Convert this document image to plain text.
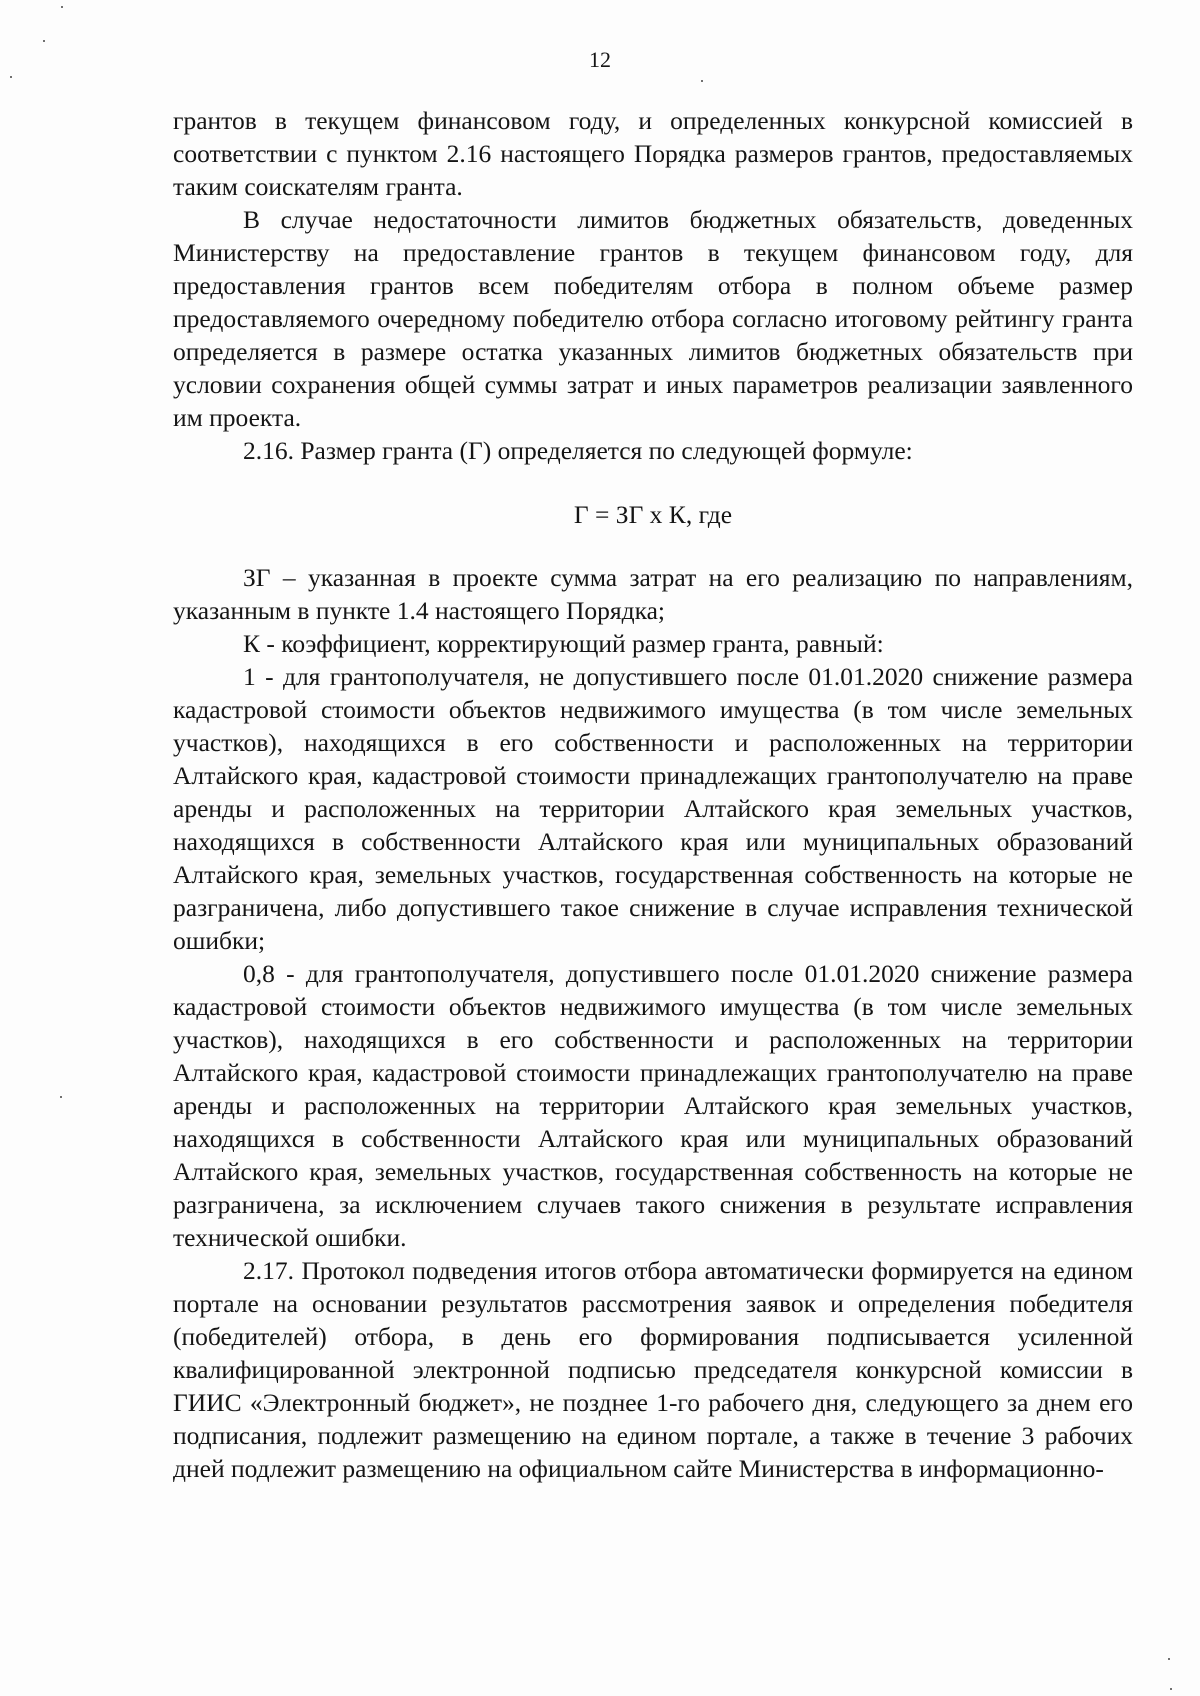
12

грантов в текущем финансовом году, и определенных конкурсной комиссией в соответствии с пунктом 2.16 настоящего Порядка размеров грантов, предоставляемых таким соискателям гранта.

В случае недостаточности лимитов бюджетных обязательств, доведенных Министерству на предоставление грантов в текущем финансовом году, для предоставления грантов всем победителям отбора в полном объеме размер предоставляемого очередному победителю отбора согласно итоговому рейтингу гранта определяется в размере остатка указанных лимитов бюджетных обязательств при условии сохранения общей суммы затрат и иных параметров реализации заявленного им проекта.

2.16. Размер гранта (Г) определяется по следующей формуле:

Г = ЗГ х К, где

ЗГ – указанная в проекте сумма затрат на его реализацию по направлениям, указанным в пункте 1.4 настоящего Порядка;

К - коэффициент, корректирующий размер гранта, равный:

1 - для грантополучателя, не допустившего после 01.01.2020 снижение размера кадастровой стоимости объектов недвижимого имущества (в том числе земельных участков), находящихся в его собственности и расположенных на территории Алтайского края, кадастровой стоимости принадлежащих грантополучателю на праве аренды и расположенных на территории Алтайского края земельных участков, находящихся в собственности Алтайского края или муниципальных образований Алтайского края, земельных участков, государственная собственность на которые не разграничена, либо допустившего такое снижение в случае исправления технической ошибки;

0,8 - для грантополучателя, допустившего после 01.01.2020 снижение размера кадастровой стоимости объектов недвижимого имущества (в том числе земельных участков), находящихся в его собственности и расположенных на территории Алтайского края, кадастровой стоимости принадлежащих грантополучателю на праве аренды и расположенных на территории Алтайского края земельных участков, находящихся в собственности Алтайского края или муниципальных образований Алтайского края, земельных участков, государственная собственность на которые не разграничена, за исключением случаев такого снижения в результате исправления технической ошибки.

2.17. Протокол подведения итогов отбора автоматически формируется на едином портале на основании результатов рассмотрения заявок и определения победителя (победителей) отбора, в день его формирования подписывается усиленной квалифицированной электронной подписью председателя конкурсной комиссии в ГИИС «Электронный бюджет», не позднее 1-го рабочего дня, следующего за днем его подписания, подлежит размещению на едином портале, а также в течение 3 рабочих дней подлежит размещению на официальном сайте Министерства в информационно-
